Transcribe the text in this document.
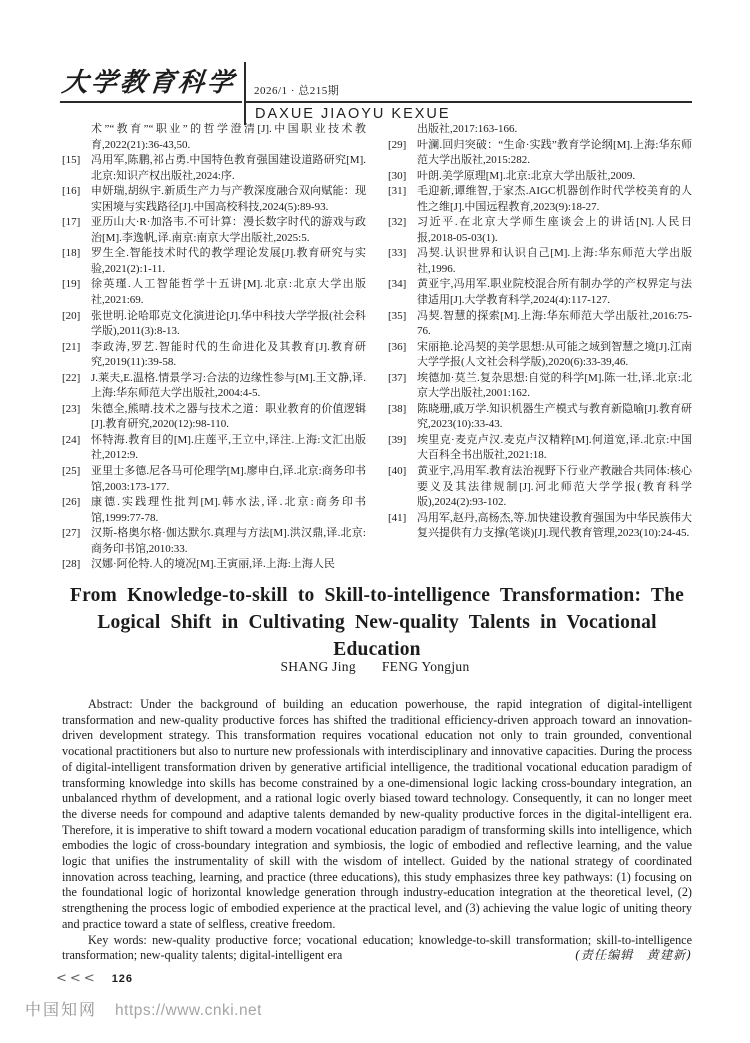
大学教育科学	2026/1 · 总215期
DAXUE JIAOYU KEXUE
术”“教育”“职业”的哲学澄清[J].中国职业技术教育,2022(21):36-43,50.
[15] 冯用军,陈鹏,祁占勇.中国特色教育强国建设道路研究[M].北京:知识产权出版社,2024:序.
[16] 申妍瑞,胡纵宇.新质生产力与产教深度融合双向赋能：现实困境与实践路径[J].中国高校科技,2024(5):89-93.
[17] 亚历山大·R·加洛韦.不可计算：漫长数字时代的游戏与政治[M].李逸帆,译.南京:南京大学出版社,2025:5.
[18] 罗生全.智能技术时代的教学理论发展[J].教育研究与实验,2021(2):1-11.
[19] 徐英瑾.人工智能哲学十五讲[M].北京:北京大学出版社,2021:69.
[20] 张世明.论哈耶克文化演进论[J].华中科技大学学报(社会科学版),2011(3):8-13.
[21] 李政涛,罗艺.智能时代的生命进化及其教育[J].教育研究,2019(11):39-58.
[22] J.莱夫,E.温格.情景学习:合法的边缘性参与[M].王文静,译.上海:华东师范大学出版社,2004:4-5.
[23] 朱德全,熊晴.技术之器与技术之道：职业教育的价值逻辑[J].教育研究,2020(12):98-110.
[24] 怀特海.教育目的[M].庄莲平,王立中,译注.上海:文汇出版社,2012:9.
[25] 亚里士多德.尼各马可伦理学[M].廖申白,译.北京:商务印书馆,2003:173-177.
[26] 康德.实践理性批判[M].韩水法,译.北京:商务印书馆,1999:77-78.
[27] 汉斯-格奥尔格·伽达默尔.真理与方法[M].洪汉鼎,译.北京:商务印书馆,2010:33.
[28] 汉娜·阿伦特.人的境况[M].王寅丽,译.上海:上海人民
出版社,2017:163-166.
[29] 叶澜.回归突破：“生命·实践”教育学论纲[M].上海:华东师范大学出版社,2015:282.
[30] 叶朗.美学原理[M].北京:北京大学出版社,2009.
[31] 毛迎新,谭维智,于家杰.AIGC机器创作时代学校美育的人性之维[J].中国远程教育,2023(9):18-27.
[32] 习近平.在北京大学师生座谈会上的讲话[N].人民日报,2018-05-03(1).
[33] 冯契.认识世界和认识自己[M].上海:华东师范大学出版社,1996.
[34] 黄亚宇,冯用军.职业院校混合所有制办学的产权界定与法律适用[J].大学教育科学,2024(4):117-127.
[35] 冯契.智慧的探索[M].上海:华东师范大学出版社,2016:75-76.
[36] 宋丽艳.论冯契的美学思想:从可能之域到智慧之境[J].江南大学学报(人文社会科学版),2020(6):33-39,46.
[37] 埃德加·莫兰.复杂思想:自觉的科学[M].陈一壮,译.北京:北京大学出版社,2001:162.
[38] 陈晓珊,戚万学.知识机器生产模式与教育新隐喻[J].教育研究,2023(10):33-43.
[39] 埃里克·麦克卢汉.麦克卢汉精粹[M].何道宽,译.北京:中国大百科全书出版社,2021:18.
[40] 黄亚宇,冯用军.教育法治视野下行业产教融合共同体:核心要义及其法律规制[J].河北师范大学学报(教育科学版),2024(2):93-102.
[41] 冯用军,赵丹,高杨杰,等.加快建设教育强国为中华民族伟大复兴提供有力支撑(笔谈)[J].现代教育管理,2023(10):24-45.
From Knowledge-to-skill to Skill-to-intelligence Transformation: The Logical Shift in Cultivating New-quality Talents in Vocational Education
SHANG Jing FENG Yongjun

Abstract: Under the background of building an education powerhouse, the rapid integration of digital-intelligent transformation and new-quality productive forces has shifted the traditional efficiency-driven approach toward an innovation-driven development strategy. This transformation requires vocational education not only to train grounded, conventional vocational practitioners but also to nurture new professionals with interdisciplinary and innovative capacities. During the process of digital-intelligent transformation driven by generative artificial intelligence, the traditional vocational education paradigm of transforming knowledge into skills has become constrained by a one-dimensional logic lacking cross-boundary integration, an unbalanced rhythm of development, and a rational logic overly biased toward technology. Consequently, it can no longer meet the diverse needs for compound and adaptive talents demanded by new-quality productive forces in the digital-intelligent era. Therefore, it is imperative to shift toward a modern vocational education paradigm of transforming skills into intelligence, which embodies the logic of cross-boundary integration and symbiosis, the logic of embodied and reflective learning, and the value logic that unifies the instrumentality of skill with the wisdom of intellect. Guided by the national strategy of coordinated innovation across teaching, learning, and practice (three educations), this study emphasizes three key pathways: (1) focusing on the foundational logic of horizontal knowledge generation through industry-education integration at the theoretical level, (2) strengthening the process logic of embodied experience at the practical level, and (3) achieving the value logic of uniting theory and practice toward a state of selfless, creative freedom.

Key words: new-quality productive force; vocational education; knowledge-to-skill transformation; skill-to-intelligence transformation; new-quality talents; digital-intelligent era	(责任编辑　黄建新)

<<< 126
中国知网 https://www.cnki.net
